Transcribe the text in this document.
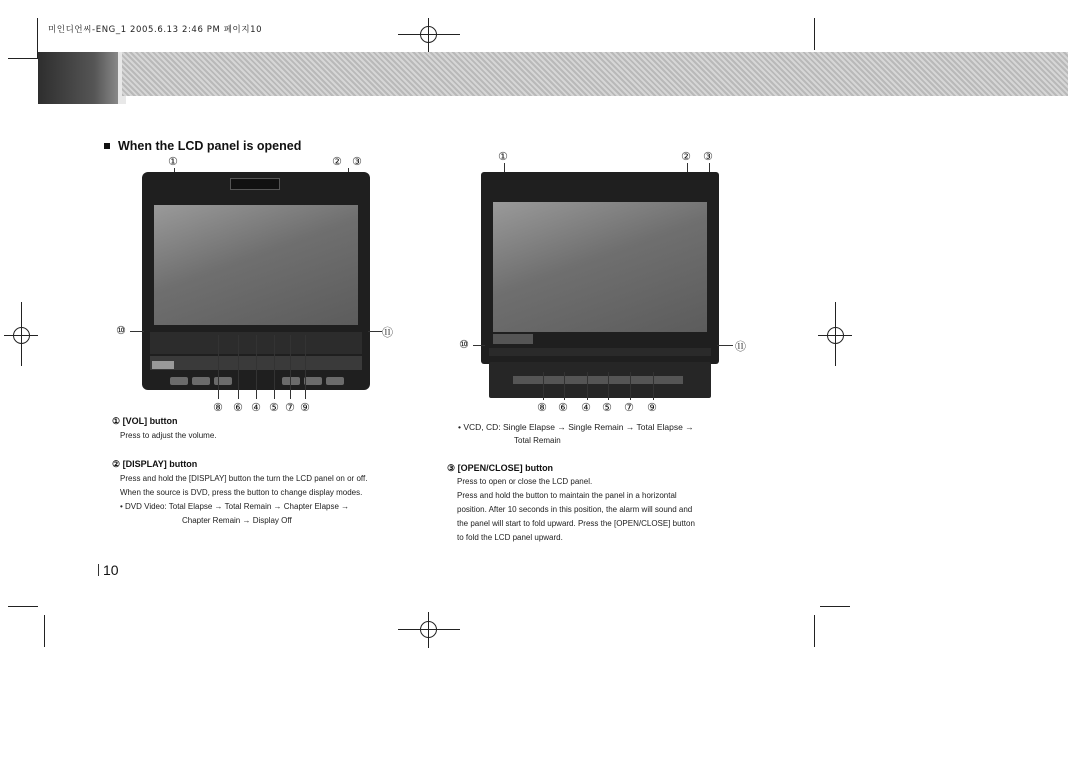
미인디언씨-ENG_1 2005.6.13 2:46 PM 페이지10
When the LCD panel is opened
①	② ③
⑩	⑪
⑧ ⑥ ④ ⑤ ⑦ ⑨
①	② ③
⑩	⑪
⑧ ⑥ ④ ⑤ ⑦ ⑨
① [VOL] button
Press to adjust the volume.
② [DISPLAY] button
Press and hold the [DISPLAY] button the turn the LCD panel on or off.
When the source is DVD, press the button to change display modes.
• DVD Video: Total Elapse → Total Remain → Chapter Elapse →
Chapter Remain → Display Off
• VCD, CD: Single Elapse → Single Remain → Total Elapse →
Total Remain
③ [OPEN/CLOSE] button
Press to open or close the LCD panel.
Press and hold the button to maintain the panel in a horizontal
position. After 10 seconds in this position, the alarm will sound and
the panel will start to fold upward. Press the [OPEN/CLOSE] button
to fold the LCD panel upward.
10
